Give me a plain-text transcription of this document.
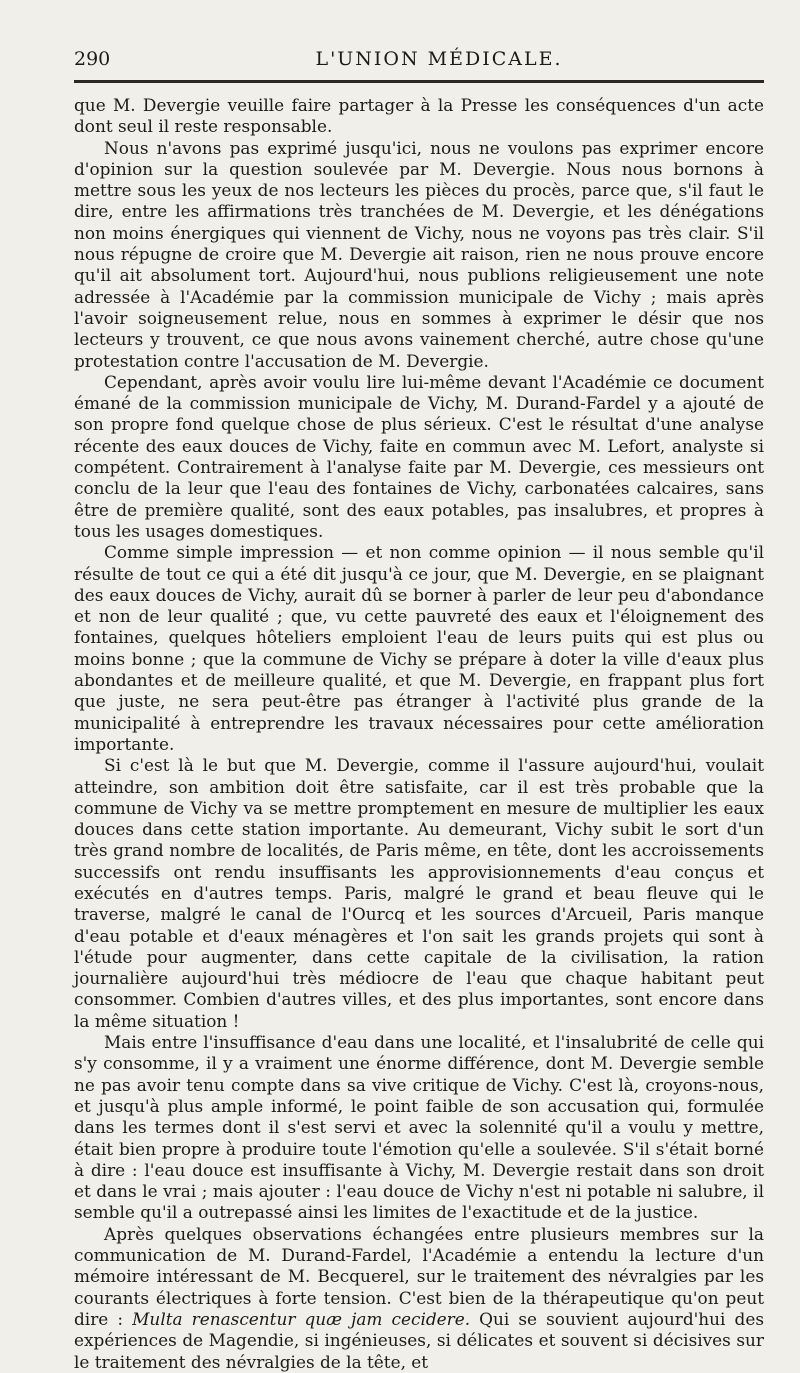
290	L'UNION MÉDICALE.

que M. Devergie veuille faire partager à la Presse les conséquences d'un acte dont seul il reste responsable.

Nous n'avons pas exprimé jusqu'ici, nous ne voulons pas exprimer encore d'opinion sur la question soulevée par M. Devergie. Nous nous bornons à mettre sous les yeux de nos lecteurs les pièces du procès, parce que, s'il faut le dire, entre les affirmations très tranchées de M. Devergie, et les dénégations non moins énergiques qui viennent de Vichy, nous ne voyons pas très clair. S'il nous répugne de croire que M. Devergie ait raison, rien ne nous prouve encore qu'il ait absolument tort. Aujourd'hui, nous publions religieusement une note adressée à l'Académie par la commission municipale de Vichy ; mais après l'avoir soigneusement relue, nous en sommes à exprimer le désir que nos lecteurs y trouvent, ce que nous avons vainement cherché, autre chose qu'une protestation contre l'accusation de M. Devergie.

Cependant, après avoir voulu lire lui-même devant l'Académie ce document émané de la commission municipale de Vichy, M. Durand-Fardel y a ajouté de son propre fond quelque chose de plus sérieux. C'est le résultat d'une analyse récente des eaux douces de Vichy, faite en commun avec M. Lefort, analyste si compétent. Contrairement à l'analyse faite par M. Devergie, ces messieurs ont conclu de la leur que l'eau des fontaines de Vichy, carbonatées calcaires, sans être de première qualité, sont des eaux potables, pas insalubres, et propres à tous les usages domestiques.

Comme simple impression — et non comme opinion — il nous semble qu'il résulte de tout ce qui a été dit jusqu'à ce jour, que M. Devergie, en se plaignant des eaux douces de Vichy, aurait dû se borner à parler de leur peu d'abondance et non de leur qualité ; que, vu cette pauvreté des eaux et l'éloignement des fontaines, quelques hôteliers emploient l'eau de leurs puits qui est plus ou moins bonne ; que la commune de Vichy se prépare à doter la ville d'eaux plus abondantes et de meilleure qualité, et que M. Devergie, en frappant plus fort que juste, ne sera peut-être pas étranger à l'activité plus grande de la municipalité à entreprendre les travaux nécessaires pour cette amélioration importante.

Si c'est là le but que M. Devergie, comme il l'assure aujourd'hui, voulait atteindre, son ambition doit être satisfaite, car il est très probable que la commune de Vichy va se mettre promptement en mesure de multiplier les eaux douces dans cette station importante. Au demeurant, Vichy subit le sort d'un très grand nombre de localités, de Paris même, en tête, dont les accroissements successifs ont rendu insuffisants les approvisionnements d'eau conçus et exécutés en d'autres temps. Paris, malgré le grand et beau fleuve qui le traverse, malgré le canal de l'Ourcq et les sources d'Arcueil, Paris manque d'eau potable et d'eaux ménagères et l'on sait les grands projets qui sont à l'étude pour augmenter, dans cette capitale de la civilisation, la ration journalière aujourd'hui très médiocre de l'eau que chaque habitant peut consommer. Combien d'autres villes, et des plus importantes, sont encore dans la même situation !

Mais entre l'insuffisance d'eau dans une localité, et l'insalubrité de celle qui s'y consomme, il y a vraiment une énorme différence, dont M. Devergie semble ne pas avoir tenu compte dans sa vive critique de Vichy. C'est là, croyons-nous, et jusqu'à plus ample informé, le point faible de son accusation qui, formulée dans les termes dont il s'est servi et avec la solennité qu'il a voulu y mettre, était bien propre à produire toute l'émotion qu'elle a soulevée. S'il s'était borné à dire : l'eau douce est insuffisante à Vichy, M. Devergie restait dans son droit et dans le vrai ; mais ajouter : l'eau douce de Vichy n'est ni potable ni salubre, il semble qu'il a outrepassé ainsi les limites de l'exactitude et de la justice.

Après quelques observations échangées entre plusieurs membres sur la communication de M. Durand-Fardel, l'Académie a entendu la lecture d'un mémoire intéressant de M. Becquerel, sur le traitement des névralgies par les courants électriques à forte tension. C'est bien de la thérapeutique qu'on peut dire : Multa renascentur quæ jam cecidere. Qui se souvient aujourd'hui des expériences de Magendie, si ingénieuses, si délicates et souvent si décisives sur le traitement des névralgies de la tête, et
